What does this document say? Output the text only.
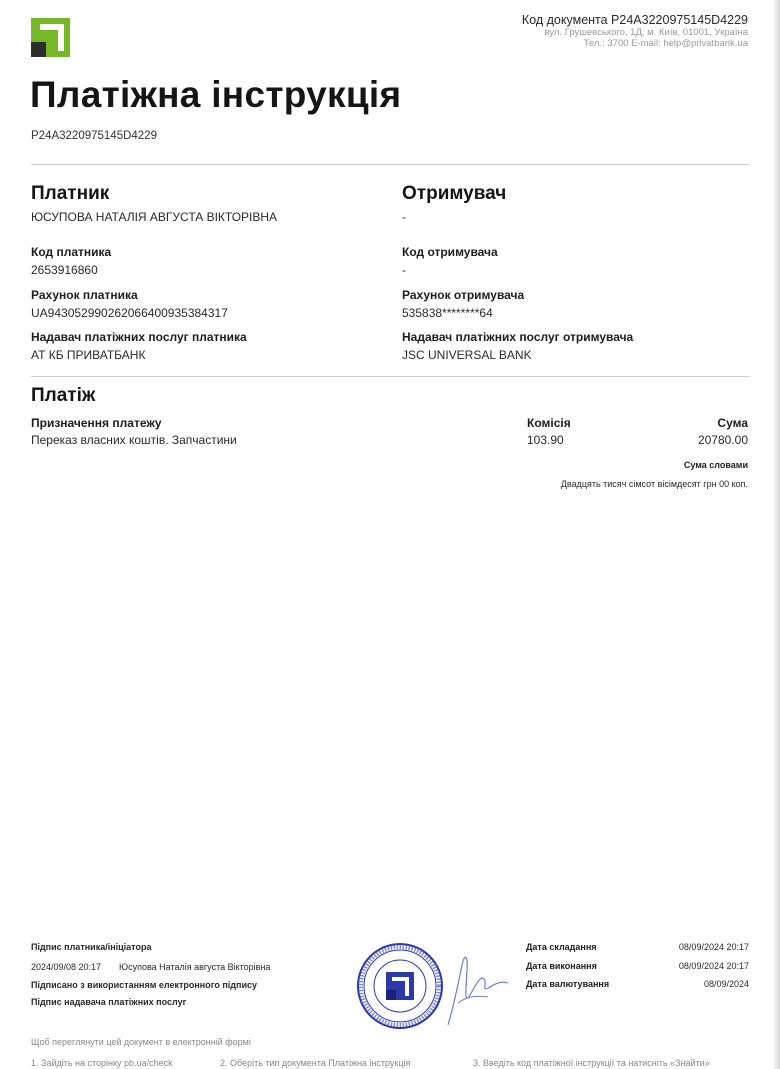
Код документа P24A3220975145D4229
вул. Грушевського, 1Д, м. Київ, 01001, Україна
Тел.: 3700 E-mail: help@privatbank.ua
Платіжна інструкція
P24A3220975145D4229
Платник
ЮСУПОВА НАТАЛІЯ АВГУСТА ВІКТОРІВНА
Код платника
2653916860
Рахунок платника
UA943052990262066400935384317
Надавач платіжних послуг платника
АТ КБ ПРИВАТБАНК
Отримувач
-
Код отримувача
-
Рахунок отримувача
535838********64
Надавач платіжних послуг отримувача
JSC UNIVERSAL BANK
Платіж
Призначення платежу
Переказ власних коштів. Запчастини
Комісія
103.90
Сума
20780.00
Сума словами
Двадцять тисяч сімсот вісімдесят грн 00 коп.
Підпис платника/ініціатора
2024/09/08 20:17 Юсупова Наталія августа Вікторівна
Підписано з використанням електронного підпису
Підпис надавача платіжних послуг
Дата складання	08/09/2024 20:17
Дата виконання	08/09/2024 20:17
Дата валютування	08/09/2024
Щоб переглянути цей документ в електронній формі
1. Зайдіть на сторінку pb.ua/check	2. Оберіть тип документа Платіжна інструкція	3. Введіть код платіжної інструкції та натисніть «Знайти»
